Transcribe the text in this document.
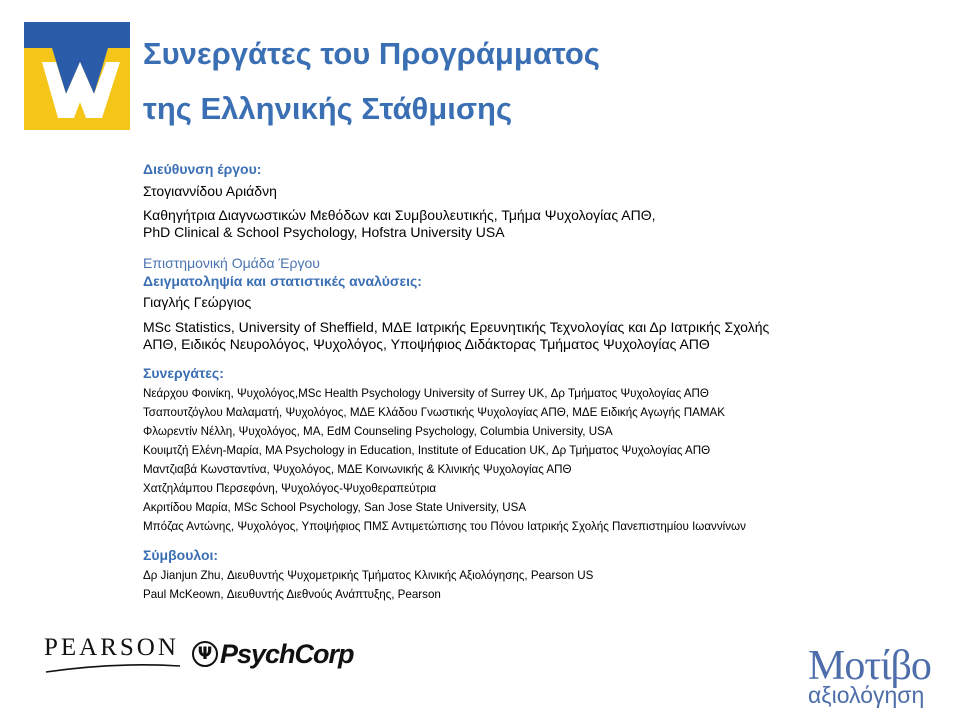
Συνεργάτες του Προγράμματος
της Ελληνικής Στάθμισης

Διεύθυνση έργου:

Στογιαννίδου Αριάδνη

Καθηγήτρια Διαγνωστικών Μεθόδων και Συμβουλευτικής, Τμήμα Ψυχολογίας ΑΠΘ,

PhD Clinical & School Psychology, Hofstra University USA

Επιστημονική Ομάδα Έργου

Δειγματοληψία και στατιστικές αναλύσεις:

Γιαγλής Γεώργιος

MSc Statistics, University of Sheffield, ΜΔΕ Ιατρικής Ερευνητικής Τεχνολογίας και Δρ Ιατρικής Σχολής

ΑΠΘ, Ειδικός Νευρολόγος, Ψυχολόγος, Υποψήφιος Διδάκτορας Τμήματος Ψυχολογίας ΑΠΘ

Συνεργάτες:

Νεάρχου Φοινίκη, Ψυχολόγος,MSc Health Psychology University of Surrey UK, Δρ Τμήματος Ψυχολογίας ΑΠΘ

Τσαπουτζόγλου Μαλαματή, Ψυχολόγος, ΜΔΕ Κλάδου Γνωστικής Ψυχολογίας ΑΠΘ, ΜΔΕ Ειδικής Αγωγής ΠΑΜΑΚ

Φλωρεντίν Νέλλη, Ψυχολόγος, MA, EdM Counseling Psychology, Columbia University, USA

Κουιμτζή Ελένη-Μαρία, MA Psychology in Education, Institute of Education UK, Δρ Τμήματος Ψυχολογίας ΑΠΘ

Μαντζιαβά Κωνσταντίνα, Ψυχολόγος, ΜΔΕ Κοινωνικής & Κλινικής Ψυχολογίας ΑΠΘ

Χατζηλάμπου Περσεφόνη, Ψυχολόγος-Ψυχοθεραπεύτρια

Ακριτίδου Μαρία, MSc School Psychology, San Jose State University, USA

Μπόζας Αντώνης, Ψυχολόγος, Υποψήφιος ΠΜΣ Αντιμετώπισης του Πόνου Ιατρικής Σχολής Πανεπιστημίου Ιωαννίνων

Σύμβουλοι:

Δρ Jianjun Zhu, Διευθυντής Ψυχομετρικής Τμήματος Κλινικής Αξιολόγησης, Pearson US

Paul McKeown, Διευθυντής Διεθνούς Ανάπτυξης, Pearson

PEARSON	Ψ PsychCorp	Μοτίβο
αξιολόγηση
